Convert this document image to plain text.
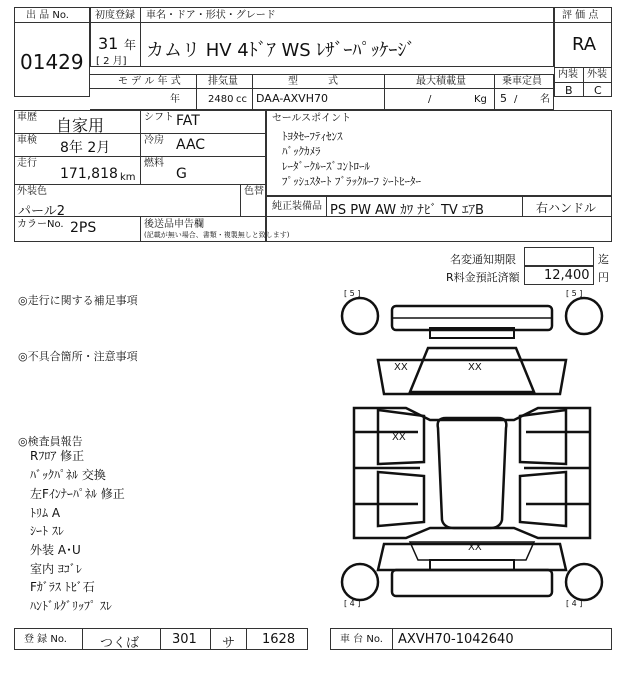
出 品 No.
01429
初度登録 車名・ドア・形状・グレード
31 年
[ 2 月]
カムリ HV 4ﾄﾞｱ WS ﾚｻﾞｰﾊﾟｯｹｰｼﾞ
評 価 点
RA
内装 外装
B C
モ デ ル 年 式
年
排気量
2480 cc
型　　　式
DAA-AXVH70
最大積載量
/	Kg
乗車定員
5 / 名
車歴 自家用	シフト FAT
車検 8年 2月	冷房 AAC
走行
171,818 km
燃料
G
外装色
パール2
色替
カラーNo. 2PS	後送品申告欄
(記載が無い場合、書類・複製無しと致します)
セールスポイント
ﾄﾖﾀｾｰﾌﾃｨｾﾝｽ
ﾊﾞｯｸｶﾒﾗ
ﾚｰﾀﾞｰｸﾙｰｽﾞｺﾝﾄﾛｰﾙ
ﾌﾟｯｼｭｽﾀｰﾄ ﾌﾞﾗｯｸﾙｰﾌ ｼｰﾄﾋｰﾀｰ
純正装備品 PS PW AW ｶﾜ ﾅﾋﾞ TV ｴｱB	右ハンドル
名変通知期限	迄
R料金預託済額 12,400 円
◎走行に関する補足事項
◎不具合箇所・注意事項
◎検査員報告
Rﾌﾛｱ 修正
ﾊﾞｯｸﾊﾟﾈﾙ 交換
左Fｲﾝﾅｰﾊﾟﾈﾙ 修正
ﾄﾘﾑ A
ｼｰﾄ ｽﾚ
外装 A･U
室内 ﾖｺﾞﾚ
Fｶﾞﾗｽ ﾄﾋﾞ石
ﾊﾝﾄﾞﾙｸﾞﾘｯﾌﾟ ｽﾚ
XX	XX
XX
XX
[ 5 ]	[ 5 ]
[ 4 ]	[ 4 ]
登 録 No.	つくば	301 サ 1628	車 台 No. AXVH70-1042640
